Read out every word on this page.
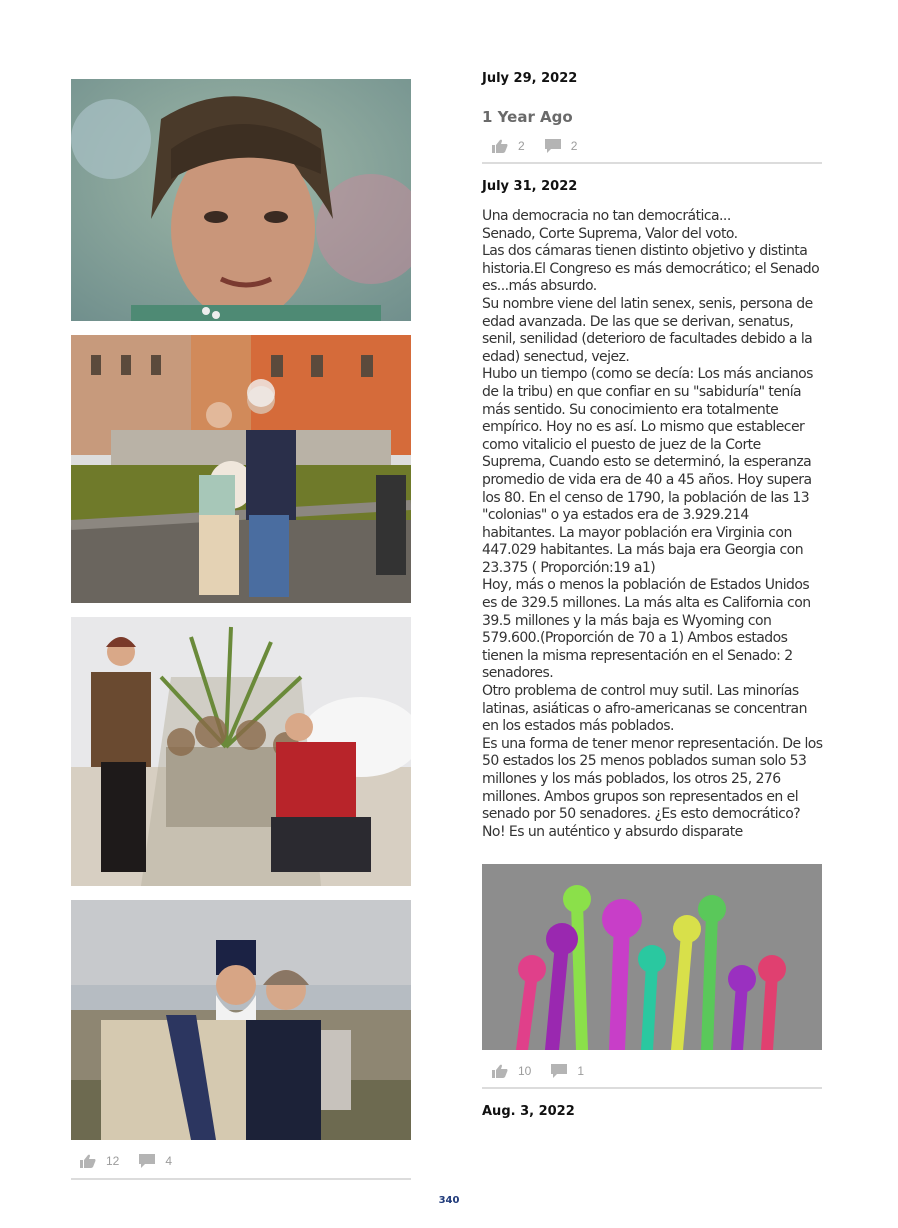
12	4
July 29, 2022
1 Year Ago
2	2
July 31, 2022

Una democracia no tan democrática...
Senado, Corte Suprema, Valor del voto.
Las dos cámaras tienen distinto objetivo y distinta historia.El Congreso es más democrático; el Senado es...más absurdo.
Su nombre viene del latin senex, senis, persona de edad avanzada. De las que se derivan, senatus, senil, senilidad (deterioro de facultades debido a la edad) senectud, vejez.
Hubo un tiempo (como se decía: Los más ancianos de la tribu) en que confiar en su "sabiduría" tenía más sentido. Su conocimiento era totalmente empírico. Hoy no es así. Lo mismo que establecer
como vitalicio el puesto de juez de la Corte Suprema, Cuando esto se determinó, la esperanza promedio de vida era de 40 a 45 años. Hoy supera los 80. En el censo de 1790, la población de las 13 "colonias" o ya estados era de 3.929.214 habitantes. La mayor población era Virginia con 447.029 habitantes. La más baja era Georgia con 23.375 ( Proporción:19 a1)
Hoy, más o menos la población de Estados Unidos es de 329.5 millones. La más alta es California con 39.5 millones y la más baja es Wyoming con 579.600.(Proporción de 70 a 1) Ambos estados tienen la misma representación en el Senado: 2 senadores.
Otro problema de control muy sutil. Las minorías latinas, asiáticas o afro-americanas se concentran en los estados más poblados.
Es una forma de tener menor representación. De los 50 estados los 25 menos poblados suman solo 53 millones y los más poblados, los otros 25, 276 millones. Ambos grupos son representados en el senado por 50 senadores. ¿Es esto democrático? No! Es un auténtico y absurdo disparate

10	1
Aug. 3, 2022
340
